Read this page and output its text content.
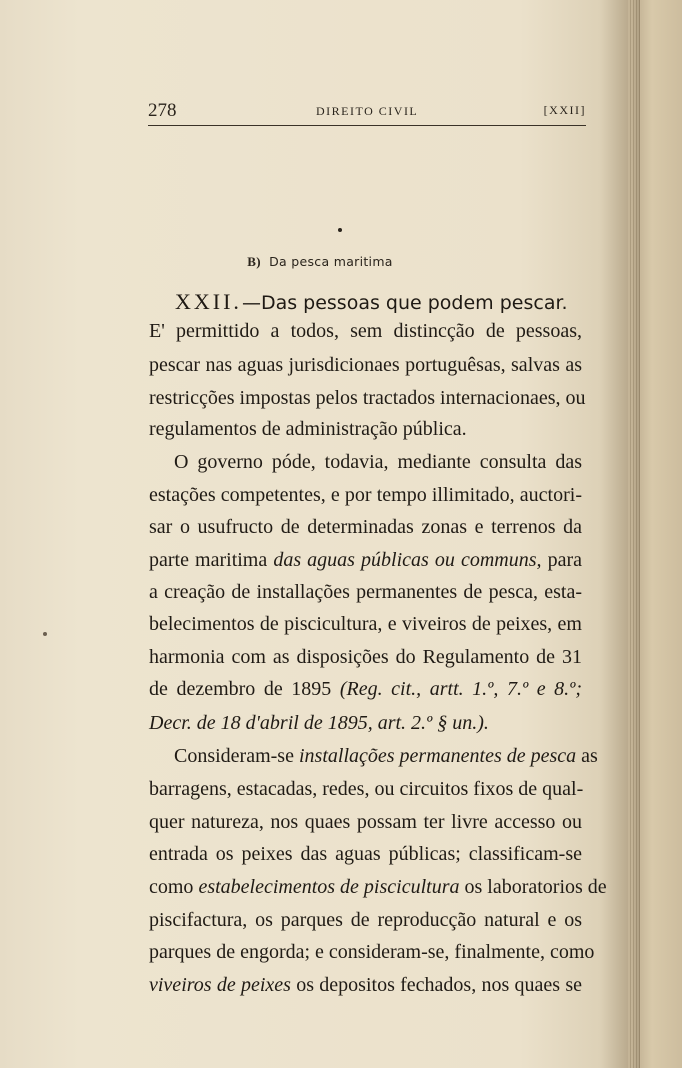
278	DIREITO CIVIL	[XXII]
B) Da pesca maritima
XXII.—Das pessoas que podem pescar.
E' permittido a todos, sem distincção de pessoas,
pescar nas aguas jurisdicionaes portuguêsas, salvas as
restricções impostas pelos tractados internacionaes, ou
regulamentos de administração pública.
O governo póde, todavia, mediante consulta das
estações competentes, e por tempo illimitado, auctori-
sar o usufructo de determinadas zonas e terrenos da
parte maritima das aguas públicas ou communs, para
a creação de installações permanentes de pesca, esta-
belecimentos de piscicultura, e viveiros de peixes, em
harmonia com as disposições do Regulamento de 31
de dezembro de 1895 (Reg. cit., artt. 1.º, 7.º e 8.º;
Decr. de 18 d'abril de 1895, art. 2.º § un.).
Consideram-se installações permanentes de pesca as
barragens, estacadas, redes, ou circuitos fixos de qual-
quer natureza, nos quaes possam ter livre accesso ou
entrada os peixes das aguas públicas; classificam-se
como estabelecimentos de piscicultura os laboratorios de
piscifactura, os parques de reproducção natural e os
parques de engorda; e consideram-se, finalmente, como
viveiros de peixes os depositos fechados, nos quaes se
